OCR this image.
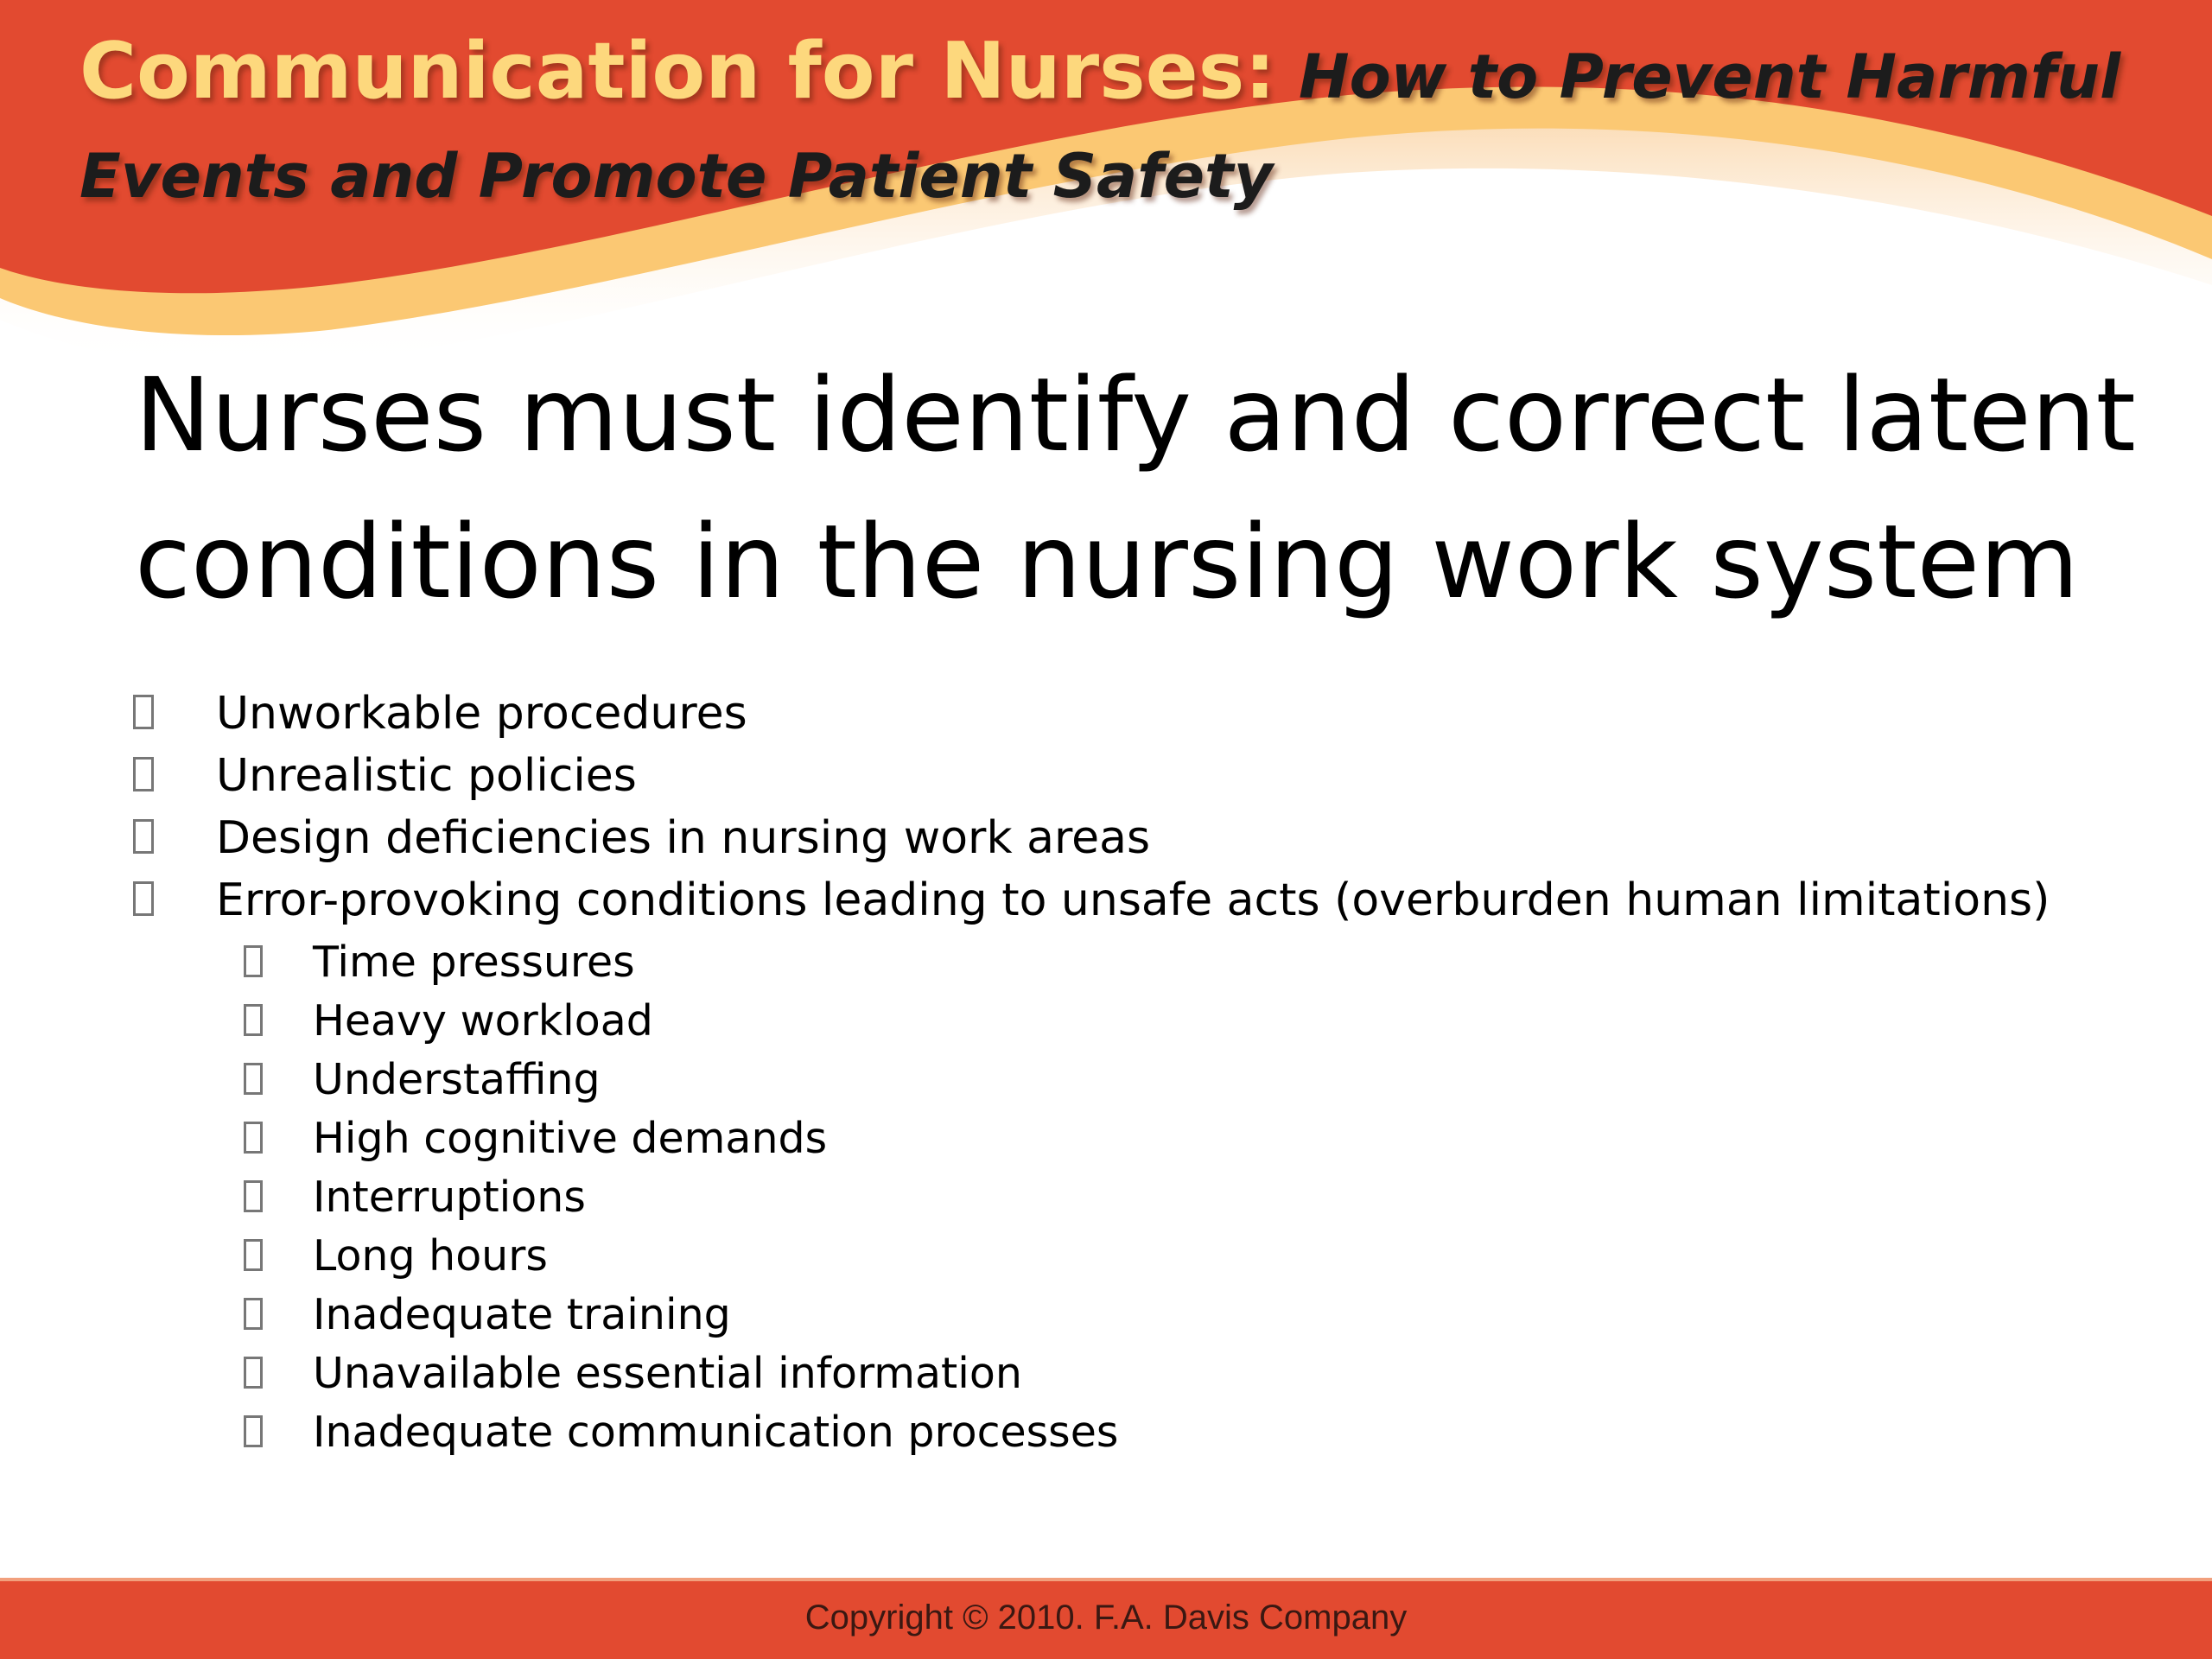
Communication for Nurses: How to Prevent Harmful Events and Promote Patient Safety
Nurses must identify and correct latent conditions in the nursing work system
Unworkable procedures
Unrealistic policies
Design deficiencies in nursing work areas
Error-provoking conditions leading to unsafe acts (overburden human limitations)
Time pressures
Heavy workload
Understaffing
High cognitive demands
Interruptions
Long hours
Inadequate training
Unavailable essential information
Inadequate communication processes
Copyright © 2010. F.A. Davis Company
